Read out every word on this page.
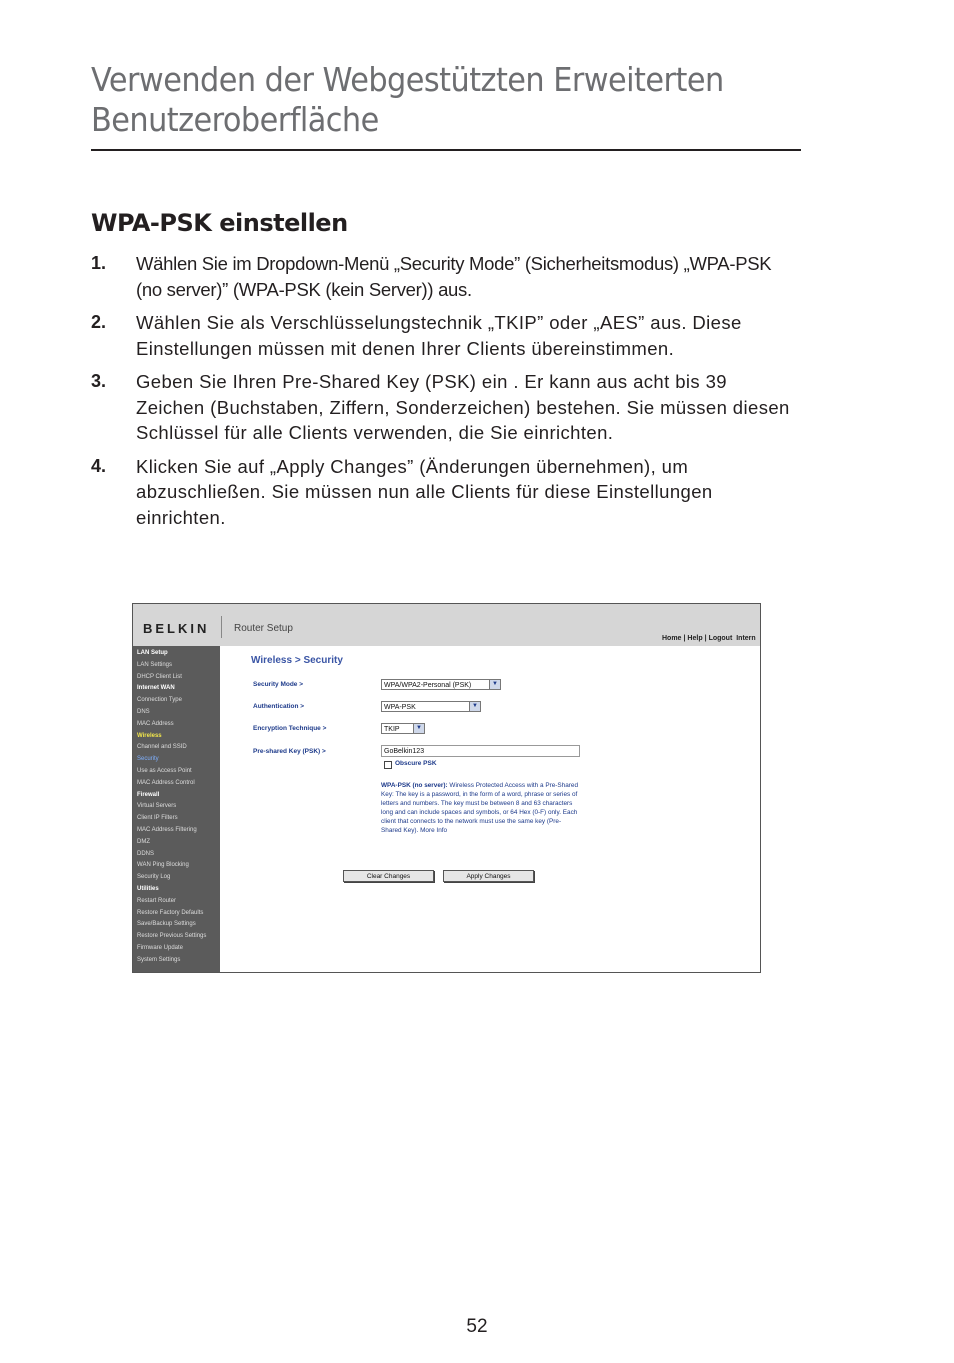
Verwenden der Webgestützten Erweiterten
Benutzeroberfläche
WPA-PSK einstellen
1.	Wählen Sie im Dropdown-Menü „Security Mode” (Sicherheitsmodus) „WPA-PSK (no server)” (WPA-PSK (kein Server)) aus.
2.	Wählen Sie als Verschlüsselungstechnik „TKIP” oder „AES” aus. Diese Einstellungen müssen mit denen Ihrer Clients übereinstimmen.
3.	Geben Sie Ihren Pre-Shared Key (PSK) ein . Er kann aus acht bis 39 Zeichen (Buchstaben, Ziffern, Sonderzeichen) bestehen. Sie müssen diesen Schlüssel für alle Clients verwenden, die Sie einrichten.
4.	Klicken Sie auf „Apply Changes” (Änderungen übernehmen), um abzuschließen. Sie müssen nun alle Clients für diese Einstellungen einrichten.
BELKIN Router Setup
Home | Help | Logout Intern
LAN Setup
LAN Settings
DHCP Client List
Internet WAN
Connection Type
DNS
MAC Address
Wireless
Channel and SSID
Security
Use as Access Point
MAC Address Control
Firewall
Virtual Servers
Client IP Filters
MAC Address Filtering
DMZ
DDNS
WAN Ping Blocking
Security Log
Utilities
Restart Router
Restore Factory Defaults
Save/Backup Settings
Restore Previous Settings
Firmware Update
System Settings
Wireless > Security
Security Mode >	WPA/WPA2-Personal (PSK)	▼
Authentication >	WPA-PSK	▼
Encryption Technique >	TKIP	▼
Pre-shared Key (PSK) >	GoBelkin123
Obscure PSK
WPA-PSK (no server): Wireless Protected Access with a Pre-Shared Key: The key is a password, in the form of a word, phrase or series of letters and numbers. The key must be between 8 and 63 characters long and can include spaces and symbols, or 64 Hex (0-F) only. Each client that connects to the network must use the same key (Pre-Shared Key). More Info
Clear Changes	Apply Changes
52
